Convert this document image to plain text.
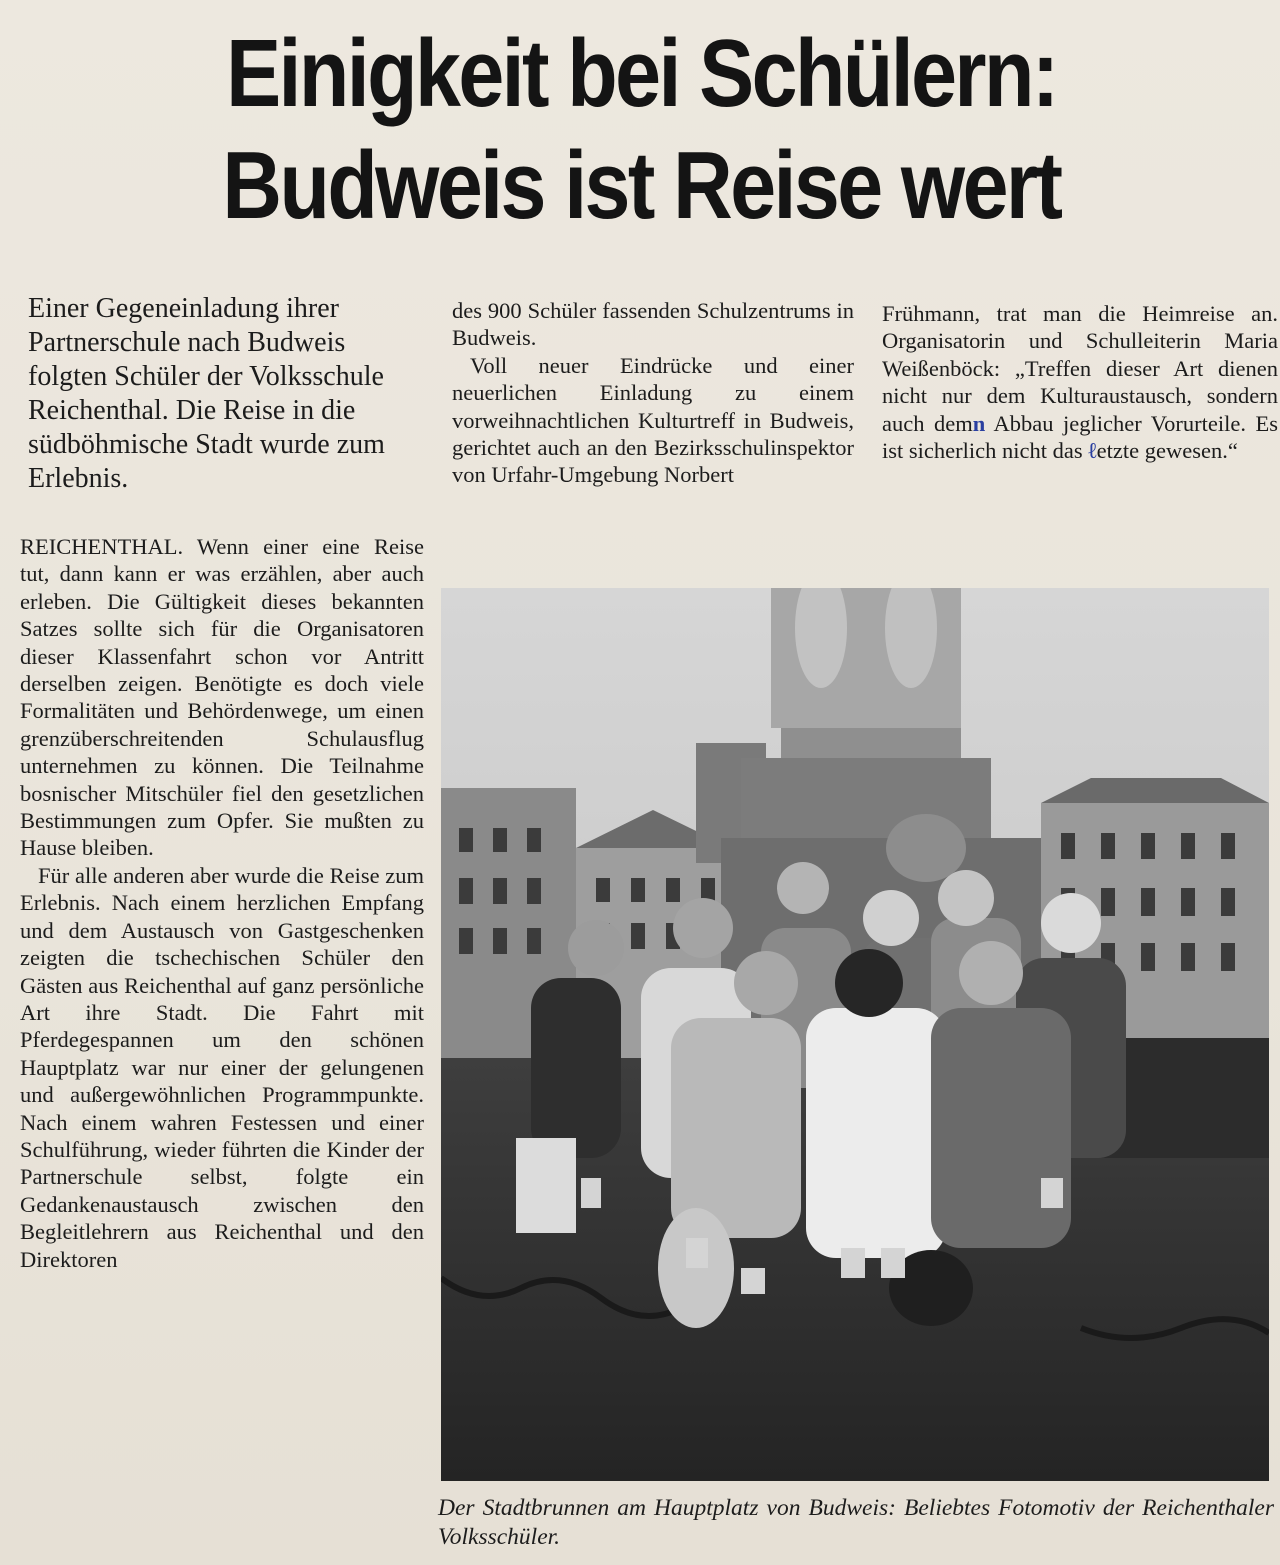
Einigkeit bei Schülern:
Budweis ist Reise wert
Einer Gegeneinladung ihrer Partnerschule nach Budweis folgten Schüler der Volksschule Reichenthal. Die Reise in die südböhmische Stadt wurde zum Erlebnis.

REICHENTHAL. Wenn einer eine Reise tut, dann kann er was erzählen, aber auch erleben. Die Gültigkeit dieses bekannten Satzes sollte sich für die Organisatoren dieser Klassenfahrt schon vor Antritt derselben zeigen. Benötigte es doch viele Formalitäten und Behördenwege, um einen grenzüberschreitenden Schulausflug unternehmen zu können. Die Teilnahme bosnischer Mitschüler fiel den gesetzlichen Bestimmungen zum Opfer. Sie mußten zu Hause bleiben.

Für alle anderen aber wurde die Reise zum Erlebnis. Nach einem herzlichen Empfang und dem Austausch von Gastgeschenken zeigten die tschechischen Schüler den Gästen aus Reichenthal auf ganz persönliche Art ihre Stadt. Die Fahrt mit Pferdegespannen um den schönen Hauptplatz war nur einer der gelungenen und außergewöhnlichen Programmpunkte. Nach einem wahren Festessen und einer Schulführung, wieder führten die Kinder der Partnerschule selbst, folgte ein Gedankenaustausch zwischen den Begleitlehrern aus Reichenthal und den Direktoren

des 900 Schüler fassenden Schulzentrums in Budweis.

Voll neuer Eindrücke und einer neuerlichen Einladung zu einem vorweihnachtlichen Kulturtreff in Budweis, gerichtet auch an den Bezirksschulinspektor von Urfahr-Umgebung Norbert

Frühmann, trat man die Heimreise an. Organisatorin und Schulleiterin Maria Weißenböck: „Treffen dieser Art dienen nicht nur dem Kulturaustausch, sondern auch demn Abbau jeglicher Vorurteile. Es ist sicherlich nicht das ℓetzte gewesen.“

Der Stadtbrunnen am Hauptplatz von Budweis: Beliebtes Fotomotiv der Reichenthaler Volksschüler.
